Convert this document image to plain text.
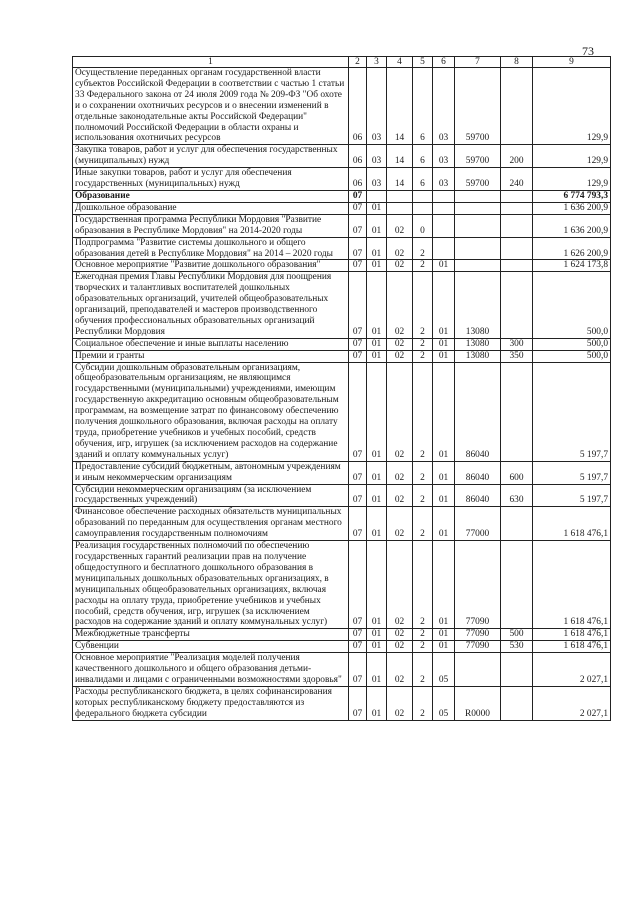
73
1	2	3	4	5	6	7	8	9
Осуществление переданных органам государственной власти субъектов Российской Федерации в соответствии с частью 1 статьи 33 Федерального закона от 24 июля 2009 года № 209-ФЗ "Об охоте и о сохранении охотничьих ресурсов и о внесении изменений в отдельные законодательные акты Российской Федерации" полномочий Российской Федерации в области охраны и использования охотничьих ресурсов	06	03	14	6	03	59700		129,9
Закупка товаров, работ и услуг для обеспечения государственных (муниципальных) нужд	06	03	14	6	03	59700	200	129,9
Иные закупки товаров, работ и услуг для обеспечения государственных (муниципальных) нужд	06	03	14	6	03	59700	240	129,9
Образование	07							6 774 793,3
Дошкольное образование	07	01						1 636 200,9
Государственная программа Республики Мордовия "Развитие образования в Республике Мордовия" на 2014-2020 годы	07	01	02	0				1 636 200,9
Подпрограмма "Развитие системы дошкольного и общего образования детей в Республике Мордовия" на 2014 – 2020 годы	07	01	02	2				1 626 200,9
Основное мероприятие "Развитие дошкольного образования"	07	01	02	2	01			1 624 173,8
Ежегодная премия Главы Республики Мордовия для поощрения творческих и талантливых воспитателей дошкольных образовательных организаций, учителей общеобразовательных организаций, преподавателей и мастеров производственного обучения профессиональных образовательных организаций Республики Мордовия	07	01	02	2	01	13080		500,0
Социальное обеспечение и иные выплаты населению	07	01	02	2	01	13080	300	500,0
Премии и гранты	07	01	02	2	01	13080	350	500,0
Субсидии дошкольным образовательным организациям, общеобразовательным организациям, не являющимся государственными (муниципальными) учреждениями, имеющим государственную аккредитацию основным общеобразовательным программам, на возмещение затрат по финансовому обеспечению получения дошкольного образования, включая расходы на оплату труда, приобретение учебников и учебных пособий, средств обучения, игр, игрушек (за исключением расходов на содержание зданий и оплату коммунальных услуг)	07	01	02	2	01	86040		5 197,7
Предоставление субсидий бюджетным, автономным учреждениям и иным некоммерческим организациям	07	01	02	2	01	86040	600	5 197,7
Субсидии некоммерческим организациям (за исключением государственных учреждений)	07	01	02	2	01	86040	630	5 197,7
Финансовое обеспечение расходных обязательств муниципальных образований по переданным для осуществления органам местного самоуправления государственным полномочиям	07	01	02	2	01	77000		1 618 476,1
Реализация государственных полномочий по обеспечению государственных гарантий реализации прав на получение общедоступного и бесплатного дошкольного образования в муниципальных дошкольных образовательных организациях, в муниципальных общеобразовательных организациях, включая расходы на оплату труда, приобретение учебников и учебных пособий, средств обучения, игр, игрушек (за исключением расходов на содержание зданий и оплату коммунальных услуг)	07	01	02	2	01	77090		1 618 476,1
Межбюджетные трансферты	07	01	02	2	01	77090	500	1 618 476,1
Субвенции	07	01	02	2	01	77090	530	1 618 476,1
Основное мероприятие "Реализация моделей получения качественного дошкольного и общего образования детьми-инвалидами и лицами с ограниченными возможностями здоровья"	07	01	02	2	05			2 027,1
Расходы республиканского бюджета, в целях софинансирования которых республиканскому бюджету предоставляются из федерального бюджета субсидии	07	01	02	2	05	R0000		2 027,1
